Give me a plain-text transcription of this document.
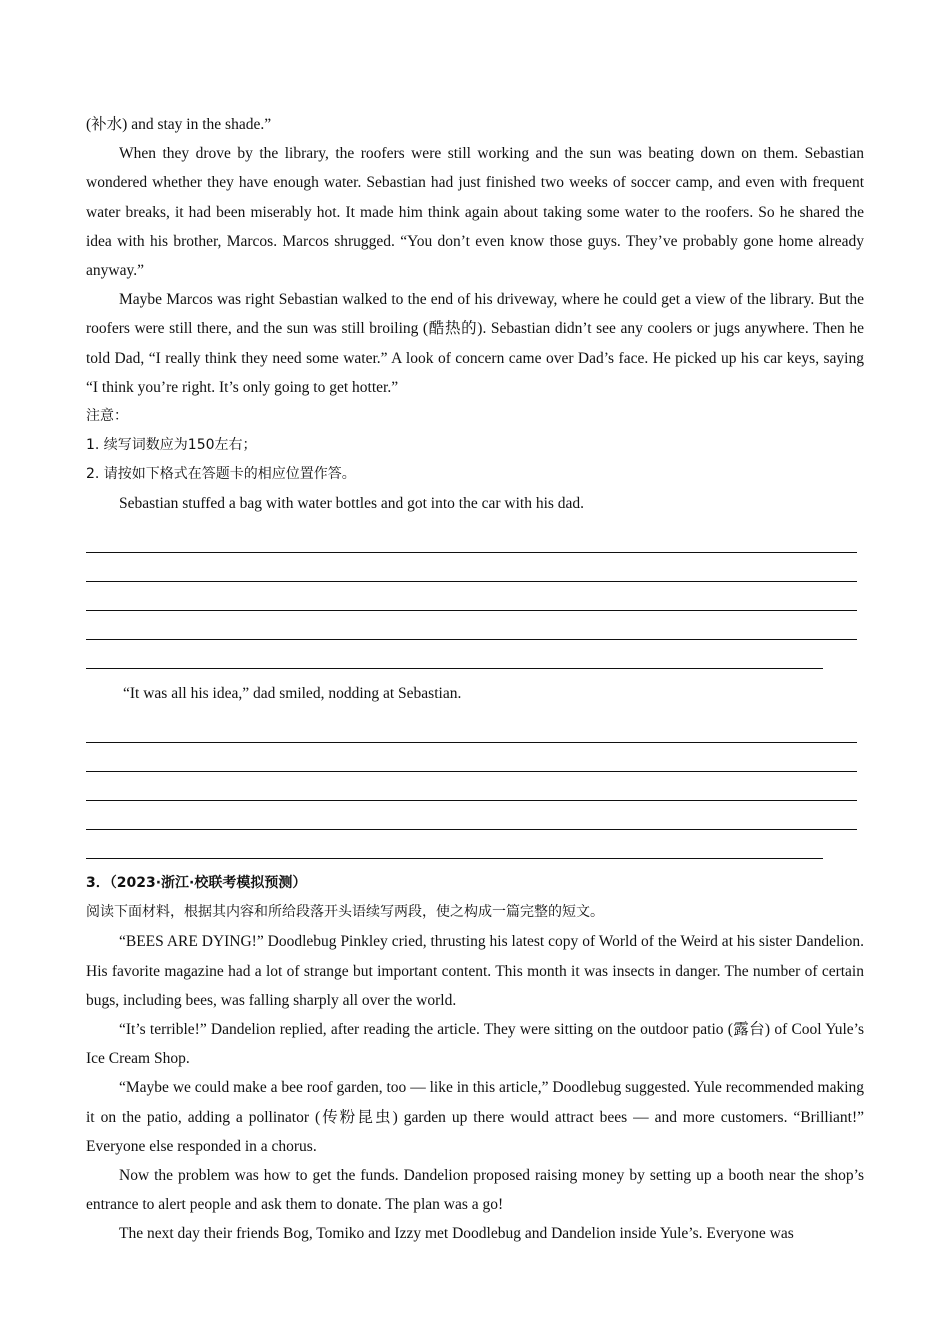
(补水) and stay in the shade.”

When they drove by the library, the roofers were still working and the sun was beating down on them. Sebastian wondered whether they have enough water. Sebastian had just finished two weeks of soccer camp, and even with frequent water breaks, it had been miserably hot. It made him think again about taking some water to the roofers. So he shared the idea with his brother, Marcos. Marcos shrugged. “You don’t even know those guys. They’ve probably gone home already anyway.”

Maybe Marcos was right Sebastian walked to the end of his driveway, where he could get a view of the library. But the roofers were still there, and the sun was still broiling (酷热的). Sebastian didn’t see any coolers or jugs anywhere. Then he told Dad, “I really think they need some water.” A look of concern came over Dad’s face. He picked up his car keys, saying “I think you’re right. It’s only going to get hotter.”

注意：

1. 续写词数应为150左右；

2. 请按如下格式在答题卡的相应位置作答。

Sebastian stuffed a bag with water bottles and got into the car with his dad.

“It was all his idea,” dad smiled, nodding at Sebastian.

3．（2023·浙江·校联考模拟预测）

阅读下面材料，根据其内容和所给段落开头语续写两段，使之构成一篇完整的短文。

“BEES ARE DYING!” Doodlebug Pinkley cried, thrusting his latest copy of World of the Weird at his sister Dandelion. His favorite magazine had a lot of strange but important content. This month it was insects in danger. The number of certain bugs, including bees, was falling sharply all over the world.

“It’s terrible!” Dandelion replied, after reading the article. They were sitting on the outdoor patio (露台) of Cool Yule’s Ice Cream Shop.

“Maybe we could make a bee roof garden, too — like in this article,” Doodlebug suggested. Yule recommended making it on the patio, adding a pollinator (传粉昆虫) garden up there would attract bees — and more customers. “Brilliant!” Everyone else responded in a chorus.

Now the problem was how to get the funds. Dandelion proposed raising money by setting up a booth near the shop’s entrance to alert people and ask them to donate. The plan was a go!

The next day their friends Bog, Tomiko and Izzy met Doodlebug and Dandelion inside Yule’s. Everyone was
